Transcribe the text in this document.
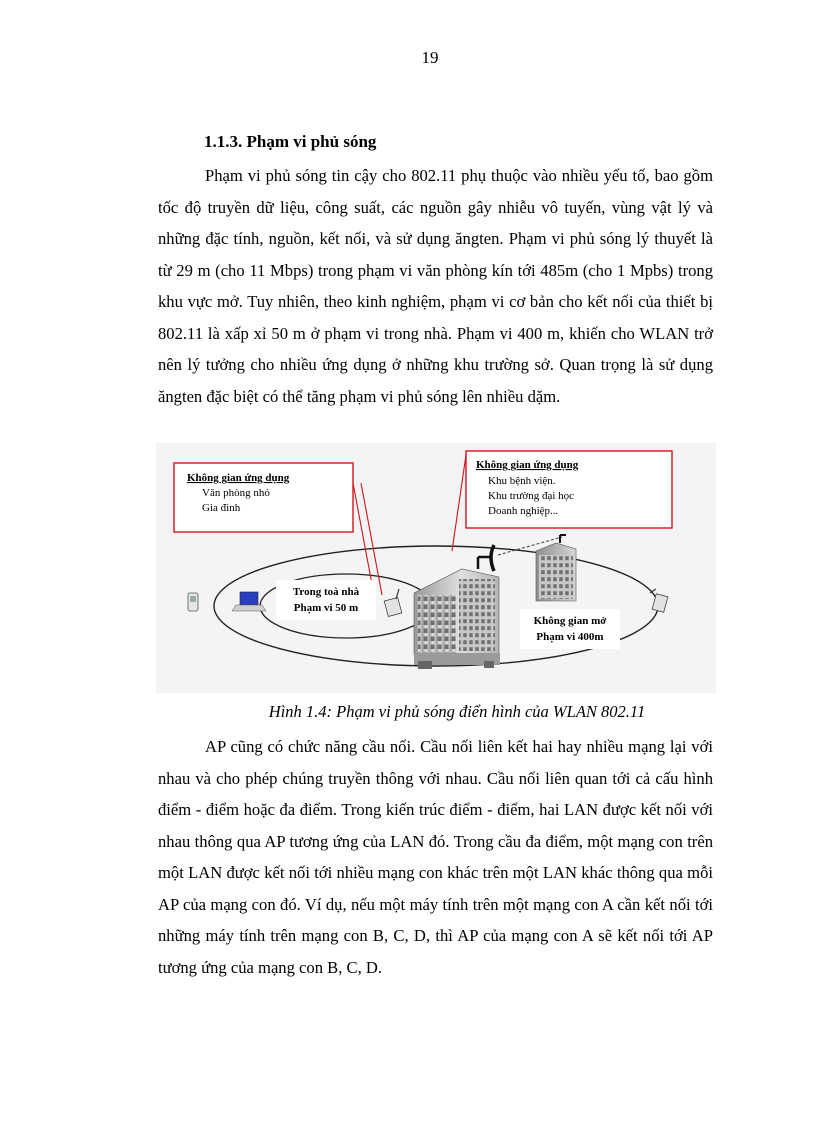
19
1.1.3. Phạm vi phủ sóng

Phạm vi phủ sóng tin cậy cho 802.11 phụ thuộc vào nhiều yếu tố, bao gồm tốc độ truyền dữ liệu, công suất, các nguồn gây nhiễu vô tuyến, vùng vật lý và những đặc tính, nguồn, kết nối, và sử dụng ăngten. Phạm vi phủ sóng lý thuyết là từ 29 m (cho 11 Mbps) trong phạm vi văn phòng kín tới 485m (cho 1 Mpbs) trong khu vực mở. Tuy nhiên, theo kinh nghiệm, phạm vi cơ bản cho kết nối của thiết bị 802.11 là xấp xỉ 50 m ở phạm vi trong nhà. Phạm vi 400 m, khiến cho WLAN trở nên lý tưởng cho nhiều ứng dụng ở những khu trường sở. Quan trọng là sử dụng ăngten đặc biệt có thể tăng phạm vi phủ sóng lên nhiều dặm.

Không gian ứng dụng
Văn phòng nhỏ
Gia đình
Không gian ứng dụng
Khu bệnh viện.
Khu trường đại học
Doanh nghiệp...
Trong toà nhà
Phạm vi 50 m
Không gian mở
Phạm vi 400m
Hình 1.4: Phạm vi phủ sóng điển hình của WLAN 802.11

AP cũng có chức năng cầu nối. Cầu nối liên kết hai hay nhiều mạng lại với nhau và cho phép chúng truyền thông với nhau. Cầu nối liên quan tới cả cấu hình điểm - điểm hoặc đa điểm. Trong kiến trúc điểm - điểm, hai LAN được kết nối với nhau thông qua AP tương ứng của LAN đó. Trong cầu đa điểm, một mạng con trên một LAN được kết nối tới nhiều mạng con khác trên một LAN khác thông qua mỗi AP của mạng con đó. Ví dụ, nếu một máy tính trên một mạng con A cần kết nối tới những máy tính trên mạng con B, C, D, thì AP của mạng con A sẽ kết nối tới AP tương ứng của mạng con B, C, D.
